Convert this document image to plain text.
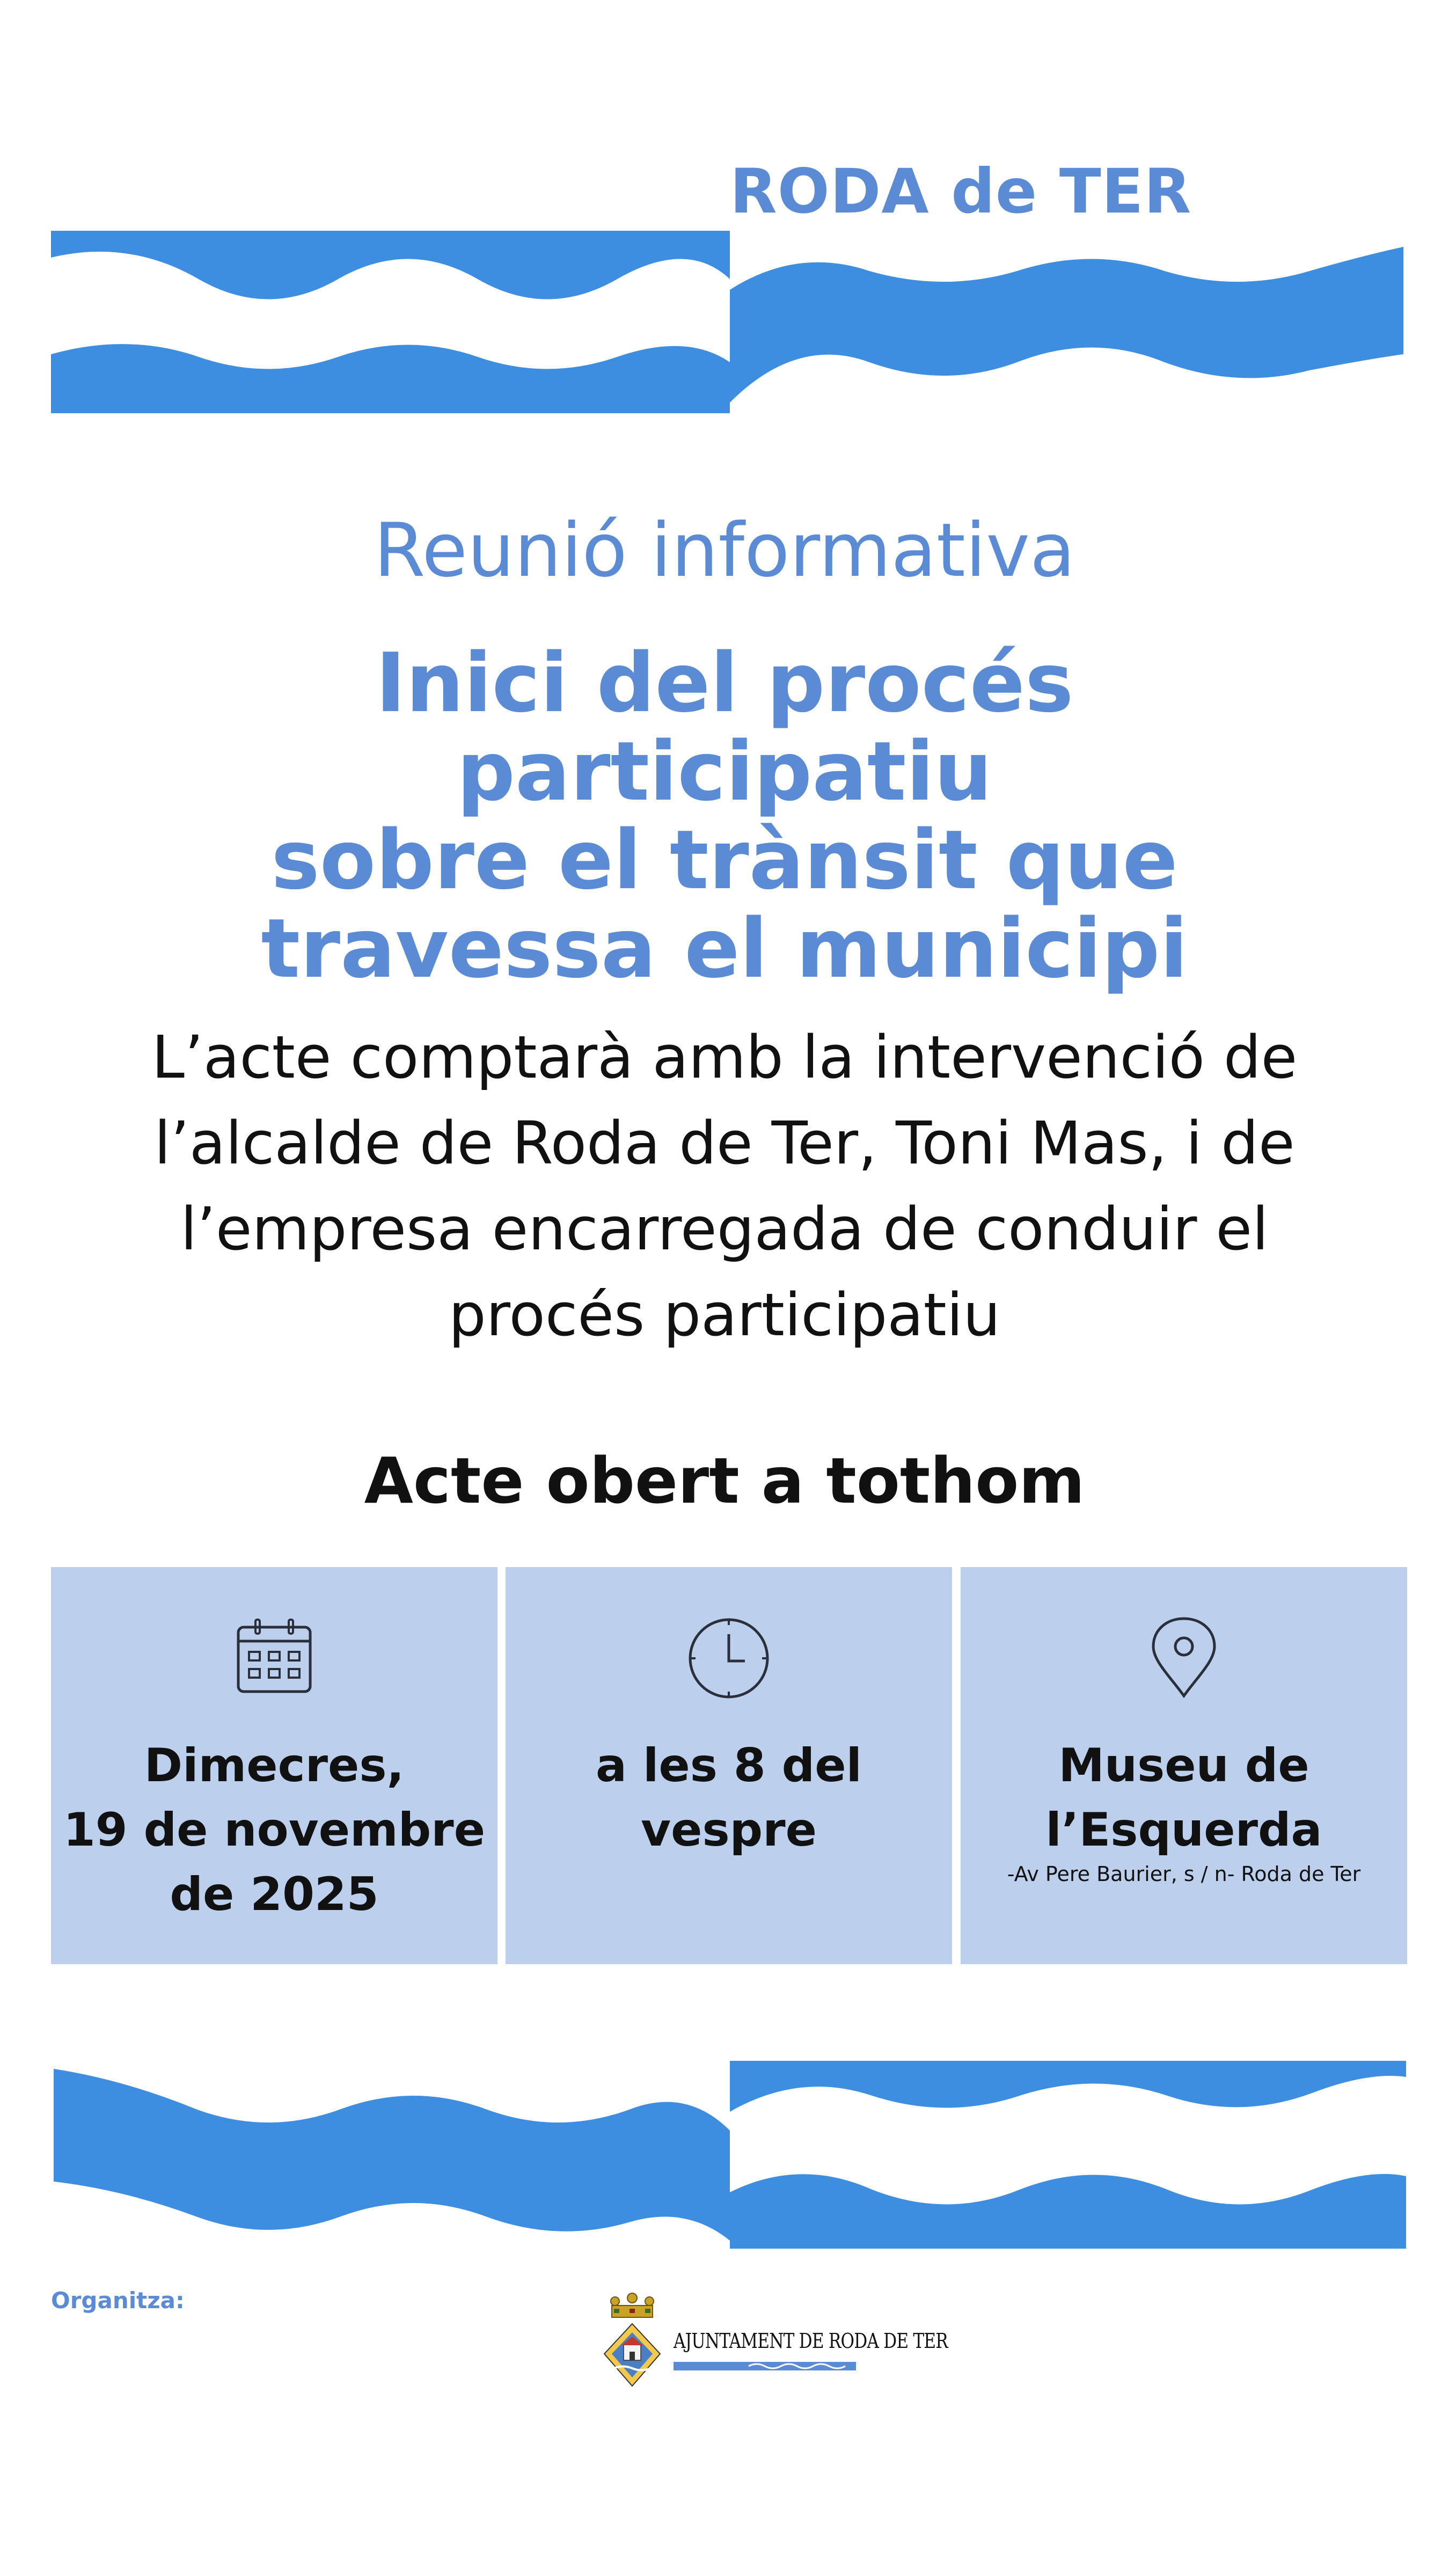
RODA de TER
Reunió informativa
Inici del procés participatiu
sobre el trànsit que
travessa el municipi
L’acte comptarà amb la intervenció de
l’alcalde de Roda de Ter, Toni Mas, i de
l’empresa encarregada de conduir el
procés participatiu
Acte obert a tothom
Dimecres,
19 de novembre
de 2025
a les 8 del vespre
Museu de
l’Esquerda
-Av Pere Baurier, s / n- Roda de Ter
Organitza:
AJUNTAMENT DE RODA DE TER
